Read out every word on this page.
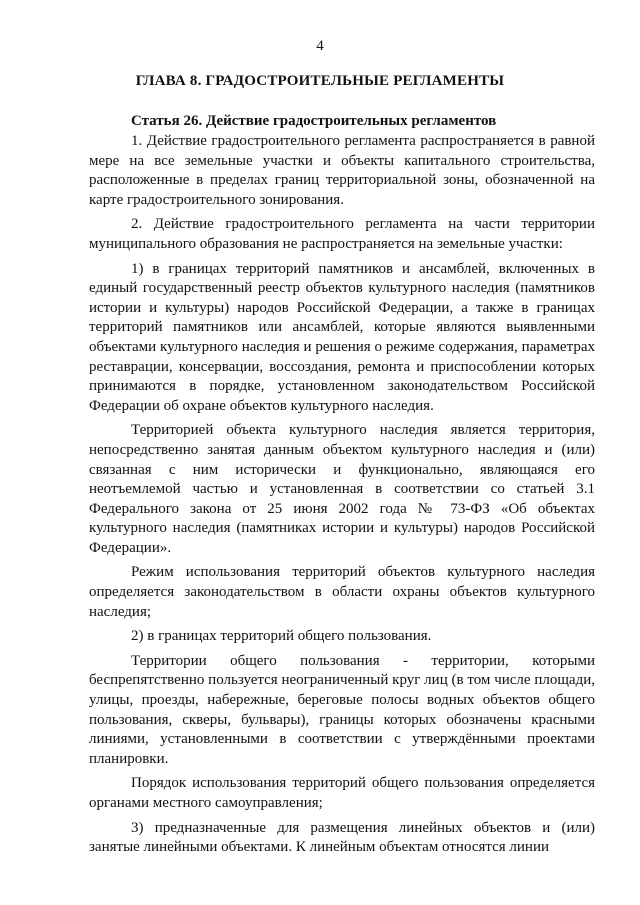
4
ГЛАВА 8. ГРАДОСТРОИТЕЛЬНЫЕ РЕГЛАМЕНТЫ
Статья 26. Действие градостроительных регламентов

1. Действие градостроительного регламента распространяется в равной мере на все земельные участки и объекты капитального строительства, расположенные в пределах границ территориальной зоны, обозначенной на карте градостроительного зонирования.

2. Действие градостроительного регламента на части территории муниципального образования не распространяется на земельные участки:

1) в границах территорий памятников и ансамблей, включенных в единый государственный реестр объектов культурного наследия (памятников истории и культуры) народов Российской Федерации, а также в границах территорий памятников или ансамблей, которые являются выявленными объектами культурного наследия и решения о режиме содержания, параметрах реставрации, консервации, воссоздания, ремонта и приспособлении которых принимаются в порядке, установленном законодательством Российской Федерации об охране объектов культурного наследия.

Территорией объекта культурного наследия является территория, непосредственно занятая данным объектом культурного наследия и (или) связанная с ним исторически и функционально, являющаяся его неотъемлемой частью и установленная в соответствии со статьей 3.1 Федерального закона от 25 июня 2002 года № 73-ФЗ «Об объектах культурного наследия (памятниках истории и культуры) народов Российской Федерации».

Режим использования территорий объектов культурного наследия определяется законодательством в области охраны объектов культурного наследия;

2) в границах территорий общего пользования.

Территории общего пользования - территории, которыми беспрепятственно пользуется неограниченный круг лиц (в том числе площади, улицы, проезды, набережные, береговые полосы водных объектов общего пользования, скверы, бульвары), границы которых обозначены красными линиями, установленными в соответствии с утверждёнными проектами планировки.

Порядок использования территорий общего пользования определяется органами местного самоуправления;

3) предназначенные для размещения линейных объектов и (или) занятые линейными объектами. К линейным объектам относятся линии
